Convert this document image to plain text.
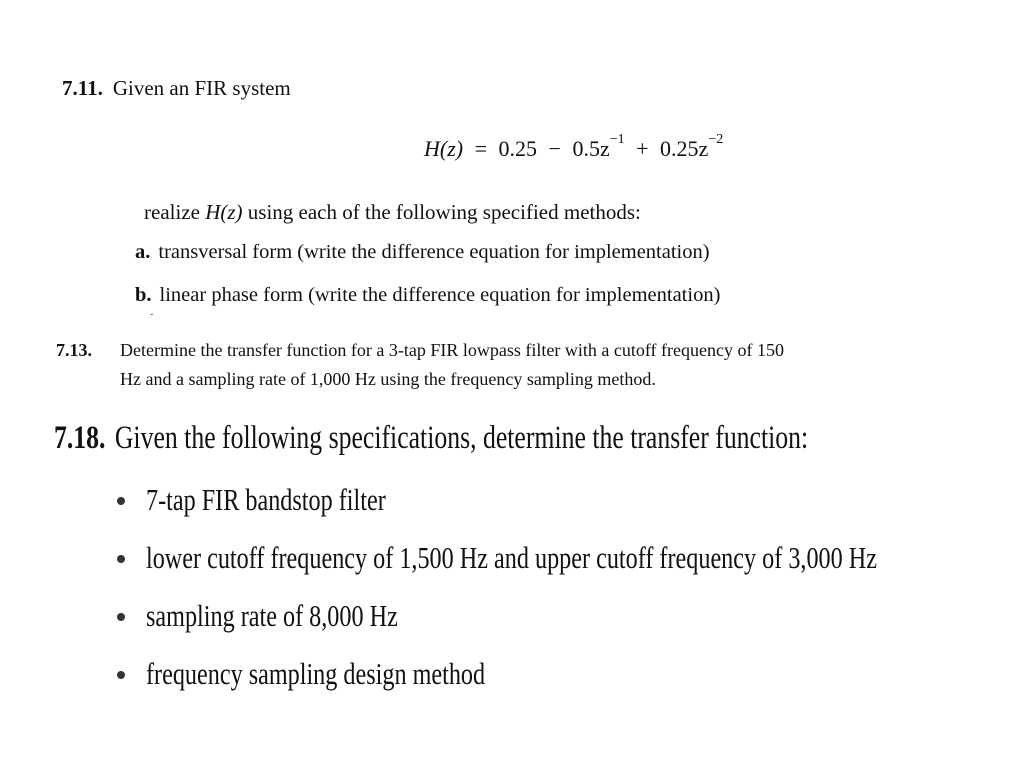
7.11. Given an FIR system
$H(z) = 0.25 - 0.5z^{-1} + 0.25z^{-2}$
realize H(z) using each of the following specified methods:
a. transversal form (write the difference equation for implementation)
b. linear phase form (write the difference equation for implementation)
-
7.13. Determine the transfer function for a 3-tap FIR lowpass filter with a cutoff frequency of 150
Hz and a sampling rate of 1,000 Hz using the frequency sampling method.
7.18. Given the following specifications, determine the transfer function:
7-tap FIR bandstop filter
lower cutoff frequency of 1,500 Hz and upper cutoff frequency of 3,000 Hz
sampling rate of 8,000 Hz
frequency sampling design method
